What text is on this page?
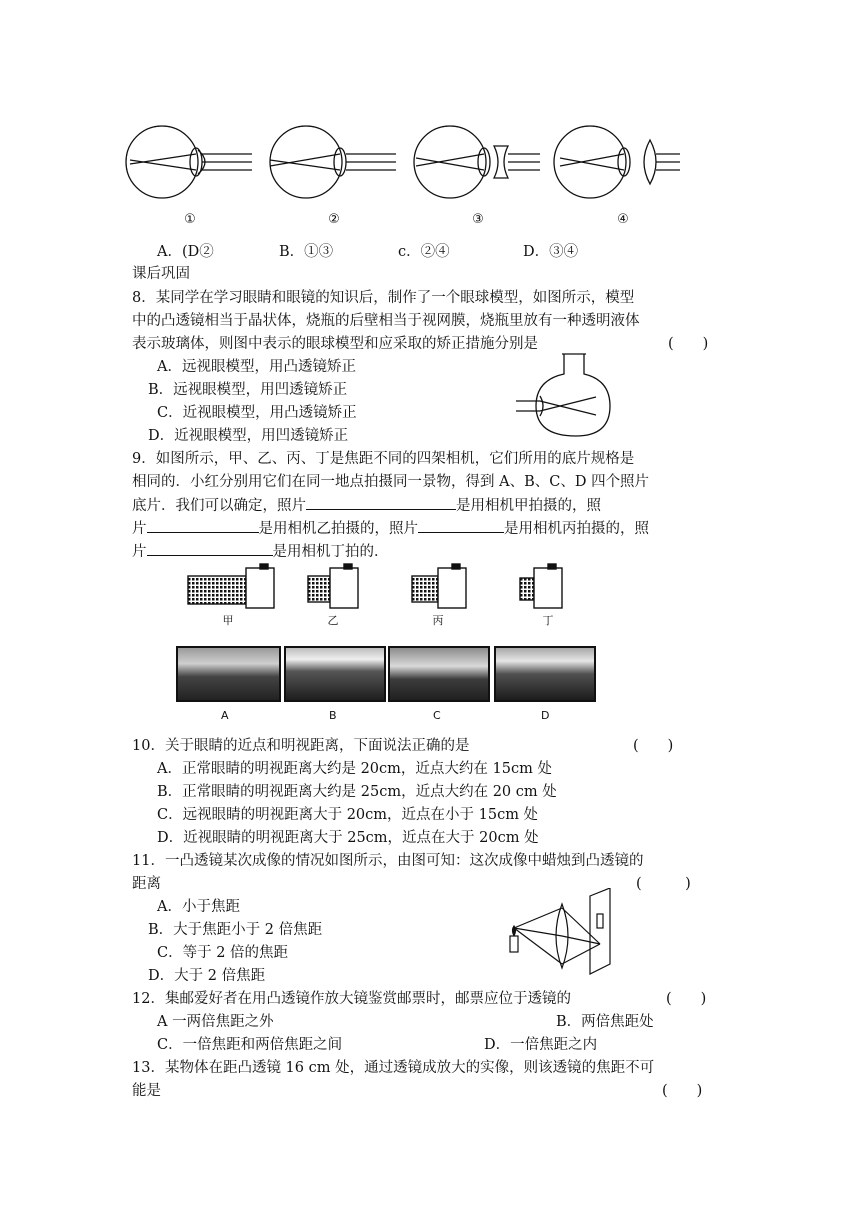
①	②	③	④
A．(D②	B．①③	c．②④	D．③④
课后巩固
8．某同学在学习眼睛和眼镜的知识后，制作了一个眼球模型，如图所示，模型
中的凸透镜相当于晶状体，烧瓶的后壁相当于视网膜，烧瓶里放有一种透明液体
表示玻璃体，则图中表示的眼球模型和应采取的矫正措施分别是	(　　)
A．远视眼模型，用凸透镜矫正
B．远视眼模型，用凹透镜矫正
C．近视眼模型，用凸透镜矫正
D．近视眼模型，用凹透镜矫正
9．如图所示，甲、乙、丙、丁是焦距不同的四架相机，它们所用的底片规格是
相同的．小红分别用它们在同一地点拍摄同一景物，得到 A、B、C、D 四个照片
底片．我们可以确定，照片	是用相机甲拍摄的，照
片	是用相机乙拍摄的，照片	是用相机丙拍摄的，照
片	是用相机丁拍的．
甲	乙	丙	丁
A	B	C	D
10．关于眼睛的近点和明视距离，下面说法正确的是	(　　)
A．正常眼睛的明视距离大约是 20cm，近点大约在 15cm 处
B．正常眼睛的明视距离大约是 25cm，近点大约在 20 cm 处
C．远视眼睛的明视距离大于 20cm，近点在小于 15cm 处
D．近视眼睛的明视距离大于 25cm，近点在大于 20cm 处
11．一凸透镜某次成像的情况如图所示，由图可知：这次成像中蜡烛到凸透镜的
距离	(　　　)
A．小于焦距
B．大于焦距小于 2 倍焦距
C．等于 2 倍的焦距
D．大于 2 倍焦距
12．集邮爱好者在用凸透镜作放大镜鉴赏邮票时，邮票应位于透镜的	(　　)
A 一两倍焦距之外	B．两倍焦距处
C．一倍焦距和两倍焦距之间	D．一倍焦距之内
13．某物体在距凸透镜 16 cm 处，通过透镜成放大的实像，则该透镜的焦距不可
能是	(　　)
